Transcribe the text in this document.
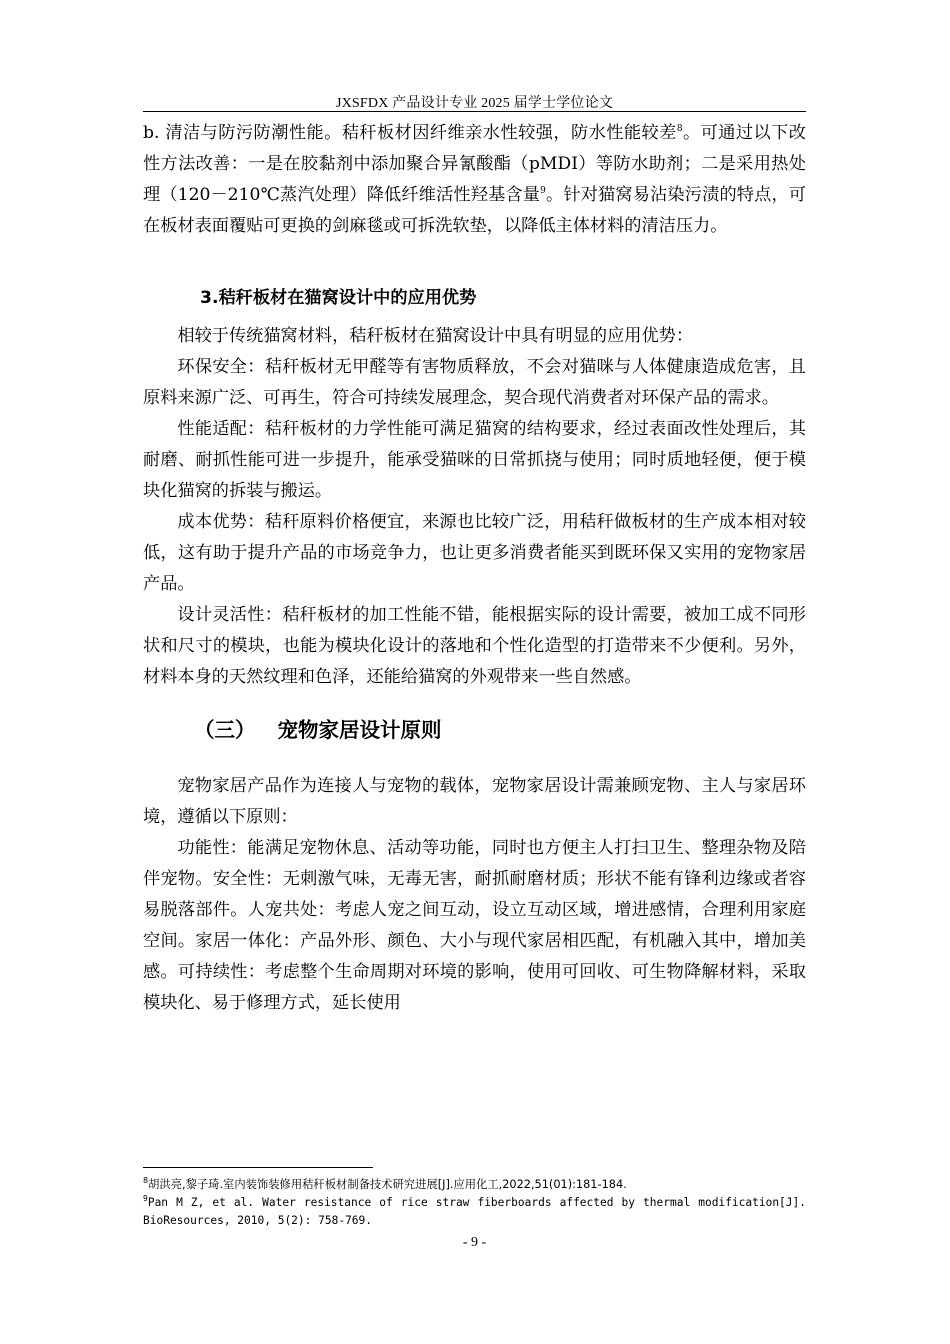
JXSFDX 产品设计专业 2025 届学士学位论文

b. 清洁与防污防潮性能。秸秆板材因纤维亲水性较强，防水性能较差$^8$。可通过以下改性方法改善：一是在胶黏剂中添加聚合异氰酸酯（pMDI）等防水助剂；二是采用热处理（120－210℃蒸汽处理）降低纤维活性羟基含量$^9$。针对猫窝易沾染污渍的特点，可在板材表面覆贴可更换的剑麻毯或可拆洗软垫，以降低主体材料的清洁压力。

3.秸秆板材在猫窝设计中的应用优势

相较于传统猫窝材料，秸秆板材在猫窝设计中具有明显的应用优势：

环保安全：秸秆板材无甲醛等有害物质释放，不会对猫咪与人体健康造成危害，且原料来源广泛、可再生，符合可持续发展理念，契合现代消费者对环保产品的需求。

性能适配：秸秆板材的力学性能可满足猫窝的结构要求，经过表面改性处理后，其耐磨、耐抓性能可进一步提升，能承受猫咪的日常抓挠与使用；同时质地轻便，便于模块化猫窝的拆装与搬运。

成本优势：秸秆原料价格便宜，来源也比较广泛，用秸秆做板材的生产成本相对较低，这有助于提升产品的市场竞争力，也让更多消费者能买到既环保又实用的宠物家居产品。

设计灵活性：秸秆板材的加工性能不错，能根据实际的设计需要，被加工成不同形状和尺寸的模块，也能为模块化设计的落地和个性化造型的打造带来不少便利。另外，材料本身的天然纹理和色泽，还能给猫窝的外观带来一些自然感。

（三） 宠物家居设计原则

宠物家居产品作为连接人与宠物的载体，宠物家居设计需兼顾宠物、主人与家居环境，遵循以下原则：

功能性：能满足宠物休息、活动等功能，同时也方便主人打扫卫生、整理杂物及陪伴宠物。安全性：无刺激气味，无毒无害，耐抓耐磨材质；形状不能有锋利边缘或者容易脱落部件。人宠共处：考虑人宠之间互动，设立互动区域，增进感情，合理利用家庭空间。家居一体化：产品外形、颜色、大小与现代家居相匹配，有机融入其中，增加美感。可持续性：考虑整个生命周期对环境的影响，使用可回收、可生物降解材料，采取模块化、易于修理方式，延长使用

$^8$胡洪亮,黎子琦.室内装饰装修用秸秆板材制备技术研究进展[J].应用化工,2022,51(01):181-184.

$^9$Pan M Z, et al. Water resistance of rice straw fiberboards affected by thermal modification[J]. BioResources, 2010, 5(2): 758-769.

- 9 -
